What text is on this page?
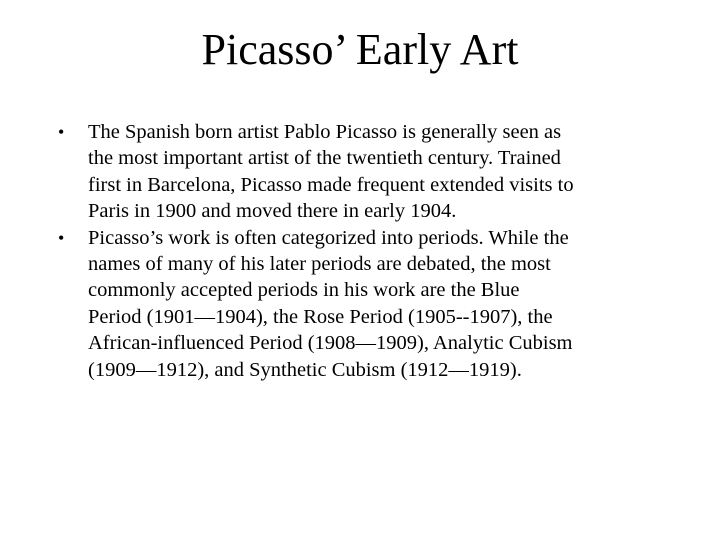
Picasso’ Early Art
•	The Spanish born artist Pablo Picasso is generally seen as
the most important artist of the twentieth century. Trained
first in Barcelona, Picasso made frequent extended visits to
Paris in 1900 and moved there in early 1904.
•	Picasso’s work is often categorized into periods. While the
names of many of his later periods are debated, the most
commonly accepted periods in his work are the Blue
Period (1901—1904), the Rose Period (1905--1907), the
African-influenced Period (1908—1909), Analytic Cubism
(1909—1912), and Synthetic Cubism (1912—1919).
